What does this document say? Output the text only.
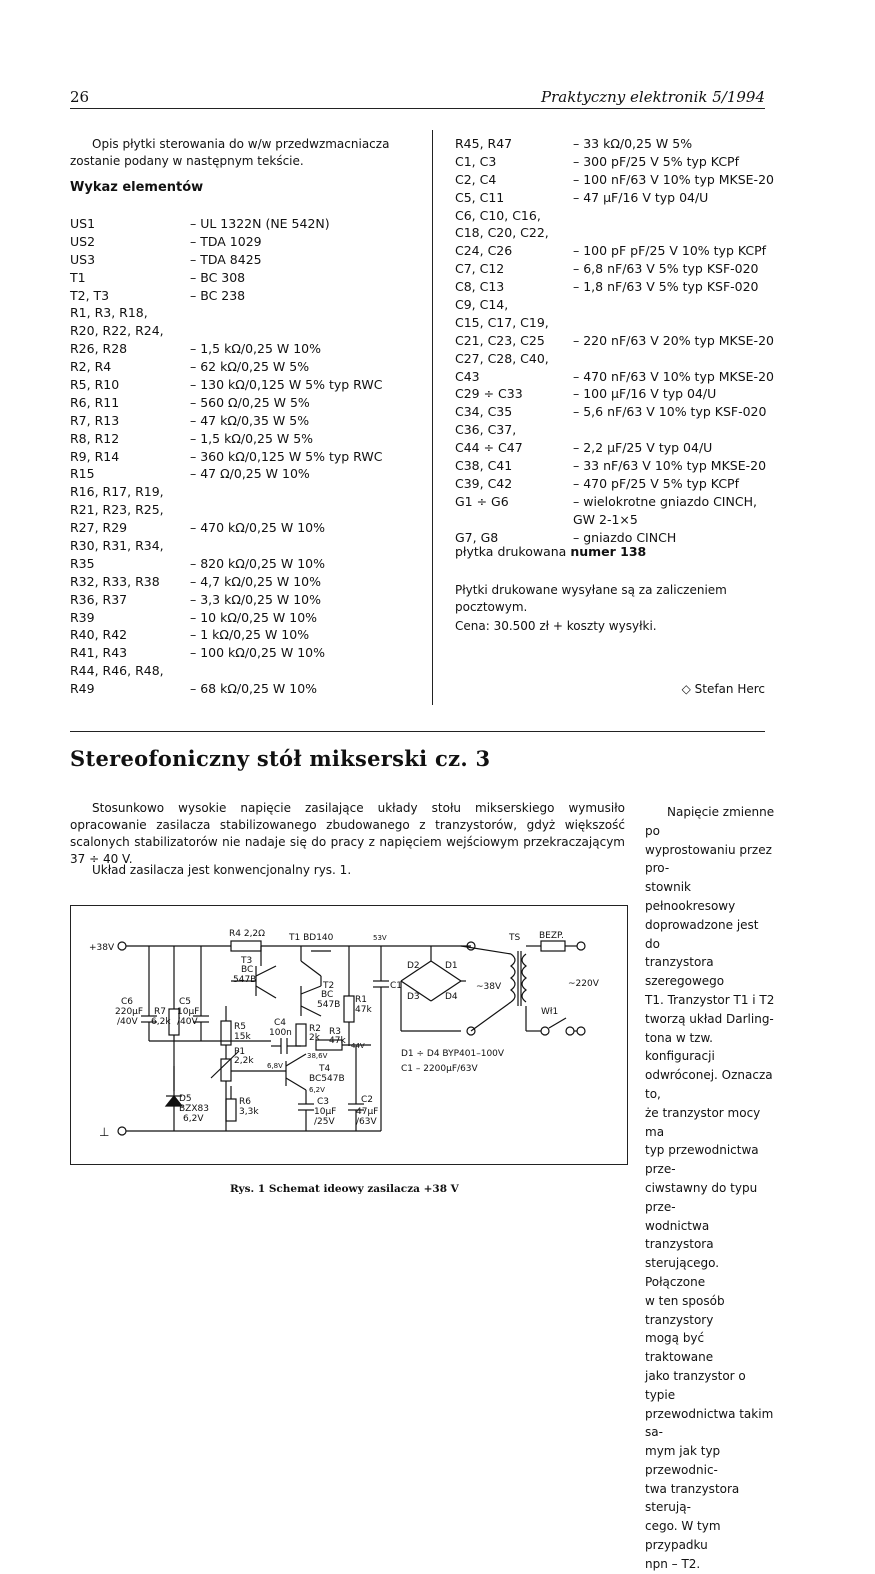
26	Praktyczny elektronik 5/1994
Opis płytki sterowania do w/w przedwzmacniacza zostanie podany w następnym tekście.
Wykaz elementów
US1	– UL 1322N (NE 542N)
US2	– TDA 1029
US3	– TDA 8425
T1	– BC 308
T2, T3	– BC 238
R1, R3, R18,
R20, R22, R24,
R26, R28	– 1,5 kΩ/0,25 W 10%
R2, R4	– 62 kΩ/0,25 W 5%
R5, R10	– 130 kΩ/0,125 W 5% typ RWC
R6, R11	– 560 Ω/0,25 W 5%
R7, R13	– 47 kΩ/0,35 W 5%
R8, R12	– 1,5 kΩ/0,25 W 5%
R9, R14	– 360 kΩ/0,125 W 5% typ RWC
R15	– 47 Ω/0,25 W 10%
R16, R17, R19,
R21, R23, R25,
R27, R29	– 470 kΩ/0,25 W 10%
R30, R31, R34,
R35	– 820 kΩ/0,25 W 10%
R32, R33, R38 – 4,7 kΩ/0,25 W 10%
R36, R37	– 3,3 kΩ/0,25 W 10%
R39	– 10 kΩ/0,25 W 10%
R40, R42	– 1 kΩ/0,25 W 10%
R41, R43	– 100 kΩ/0,25 W 10%
R44, R46, R48,
R49	– 68 kΩ/0,25 W 10%
R45, R47	– 33 kΩ/0,25 W 5%
C1, C3	– 300 pF/25 V 5% typ KCPf
C2, C4	– 100 nF/63 V 10% typ MKSE-20
C5, C11	– 47 µF/16 V typ 04/U
C6, C10, C16,
C18, C20, C22,
C24, C26	– 100 pF pF/25 V 10% typ KCPf
C7, C12	– 6,8 nF/63 V 5% typ KSF-020
C8, C13	– 1,8 nF/63 V 5% typ KSF-020
C9, C14,
C15, C17, C19,
C21, C23, C25 – 220 nF/63 V 20% typ MKSE-20
C27, C28, C40,
C43	– 470 nF/63 V 10% typ MKSE-20
C29 ÷ C33	– 100 µF/16 V typ 04/U
C34, C35	– 5,6 nF/63 V 10% typ KSF-020
C36, C37,
C44 ÷ C47	– 2,2 µF/25 V typ 04/U
C38, C41	– 33 nF/63 V 10% typ MKSE-20
C39, C42	– 470 pF/25 V 5% typ KCPf
G1 ÷ G6	– wielokrotne gniazdo CINCH,
GW 2-1×5
G7, G8	– gniazdo CINCH
płytka drukowana numer 138
Płytki drukowane wysyłane są za zaliczeniem pocztowym.
Cena: 30.500 zł + koszty wysyłki.
◇ Stefan Herc
Stereofoniczny stół mikserski cz. 3
Stosunkowo wysokie napięcie zasilające układy stołu mikserskiego wymusiło opracowanie zasilacza stabilizowanego zbudowanego z tranzystorów, gdyż większość scalonych stabilizatorów nie nadaje się do pracy z napięciem wejściowym przekraczającym 37 ÷ 40 V.
Układ zasilacza jest konwencjonalny rys. 1.
Napięcie zmienne po
wyprostowaniu przez pro-
stownik pełnookresowy
doprowadzone jest do
tranzystora szeregowego
T1. Tranzystor T1 i T2
tworzą układ Darling-
tona w tzw. konfiguracji
odwróconej. Oznacza to,
że tranzystor mocy ma
typ przewodnictwa prze-
ciwstawny do typu prze-
wodnictwa tranzystora
sterującego. Połączone
w ten sposób tranzystory
mogą być traktowane
jako tranzystor o typie
przewodnictwa takim sa-
mym jak typ przewodnic-
twa tranzystora sterują-
cego. W tym przypadku
npn – T2.
+38V
⊥
R4 2,2Ω	T1 BD140	53V
T3
BC
547B
T2
BC
547B R1
47k
C1
C6
220µF
/40V
R7
6,2k
C5
10µF
/40V	R5
15k
C4
100n R2
2k
R3
47k 44V
38,6V
P1
2,2k 6,8V	T4
BC547B
6,2V
D5
BZX83
6,2V
R6
3,3k
C3
10µF
/25V
C2
47µF
/63V
D2	D1
D3	D4
~38V
TS BEZP.
~220V
Wł1
D1 ÷ D4 BYP401–100V
C1 – 2200µF/63V
Rys. 1 Schemat ideowy zasilacza +38 V
